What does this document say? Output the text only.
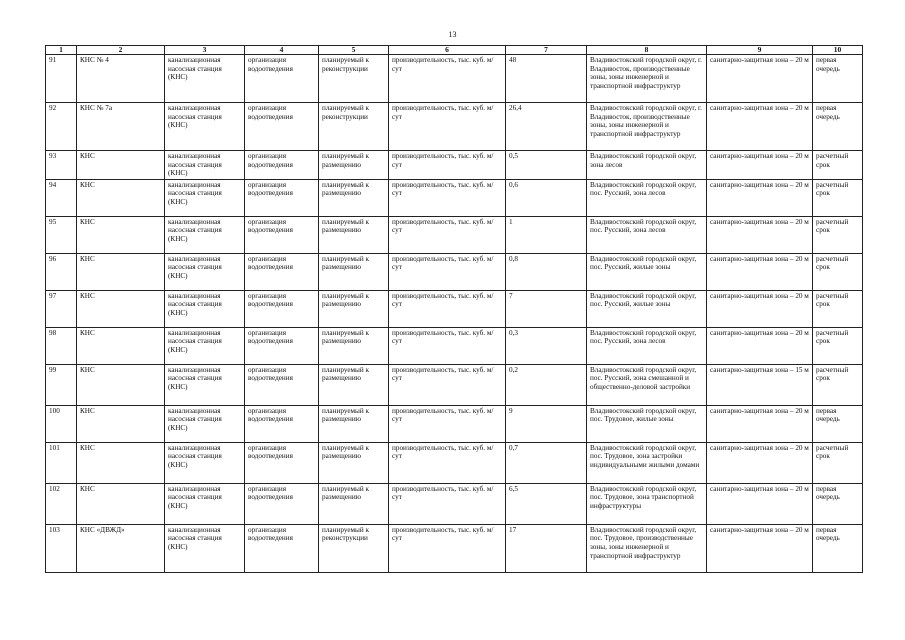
13
1	2	3	4	5	6	7	8	9	10
91	КНС № 4	канализационная насосная станция (КНС)	организация водоотведения	планируемый к реконструкции	производительность, тыс. куб. м/сут	48	Владивостокский городской округ, г. Владивосток, производственные зоны, зоны инженерной и транспортной инфраструктур	санитарно-защитная зона – 20 м	первая очередь
92	КНС № 7а	канализационная насосная станция (КНС)	организация водоотведения	планируемый к реконструкции	производительность, тыс. куб. м/сут	26,4	Владивостокский городской округ, г. Владивосток, производственные зоны, зоны инженерной и транспортной инфраструктур	санитарно-защитная зона – 20 м	первая очередь
93	КНС	канализационная насосная станция (КНС)	организация водоотведения	планируемый к размещению	производительность, тыс. куб. м/сут	0,5	Владивостокский городской округ, зона лесов	санитарно-защитная зона – 20 м	расчетный срок
94	КНС	канализационная насосная станция (КНС)	организация водоотведения	планируемый к размещению	производительность, тыс. куб. м/сут	0,6	Владивостокский городской округ, пос. Русский, зона лесов	санитарно-защитная зона – 20 м	расчетный срок
95	КНС	канализационная насосная станция (КНС)	организация водоотведения	планируемый к размещению	производительность, тыс. куб. м/сут	1	Владивостокский городской округ, пос. Русский, зона лесов	санитарно-защитная зона – 20 м	расчетный срок
96	КНС	канализационная насосная станция (КНС)	организация водоотведения	планируемый к размещению	производительность, тыс. куб. м/сут	0,8	Владивостокский городской округ, пос. Русский, жилые зоны	санитарно-защитная зона – 20 м	расчетный срок
97	КНС	канализационная насосная станция (КНС)	организация водоотведения	планируемый к размещению	производительность, тыс. куб. м/сут	7	Владивостокский городской округ, пос. Русский, жилые зоны	санитарно-защитная зона – 20 м	расчетный срок
98	КНС	канализационная насосная станция (КНС)	организация водоотведения	планируемый к размещению	производительность, тыс. куб. м/сут	0,3	Владивостокский городской округ, пос. Русский, зона лесов	санитарно-защитная зона – 20 м	расчетный срок
99	КНС	канализационная насосная станция (КНС)	организация водоотведения	планируемый к размещению	производительность, тыс. куб. м/сут	0,2	Владивостокский городской округ, пос. Русский, зона смешанной и общественно-деловой застройки	санитарно-защитная зона – 15 м	расчетный срок
100	КНС	канализационная насосная станция (КНС)	организация водоотведения	планируемый к размещению	производительность, тыс. куб. м/сут	9	Владивостокский городской округ, пос. Трудовое, жилые зоны	санитарно-защитная зона – 20 м	первая очередь
101	КНС	канализационная насосная станция (КНС)	организация водоотведения	планируемый к размещению	производительность, тыс. куб. м/сут	0,7	Владивостокский городской округ, пос. Трудовое, зона застройки индивидуальными жилыми домами	санитарно-защитная зона – 20 м	расчетный срок
102	КНС	канализационная насосная станция (КНС)	организация водоотведения	планируемый к размещению	производительность, тыс. куб. м/сут	6,5	Владивостокский городской округ, пос. Трудовое, зона транспортной инфраструктуры	санитарно-защитная зона – 20 м	первая очередь
103	КНС «ДВЖД»	канализационная насосная станция (КНС)	организация водоотведения	планируемый к реконструкции	производительность, тыс. куб. м/сут	17	Владивостокский городской округ, пос. Трудовое, производственные зоны, зоны инженерной и транспортной инфраструктур	санитарно-защитная зона – 20 м	первая очередь
